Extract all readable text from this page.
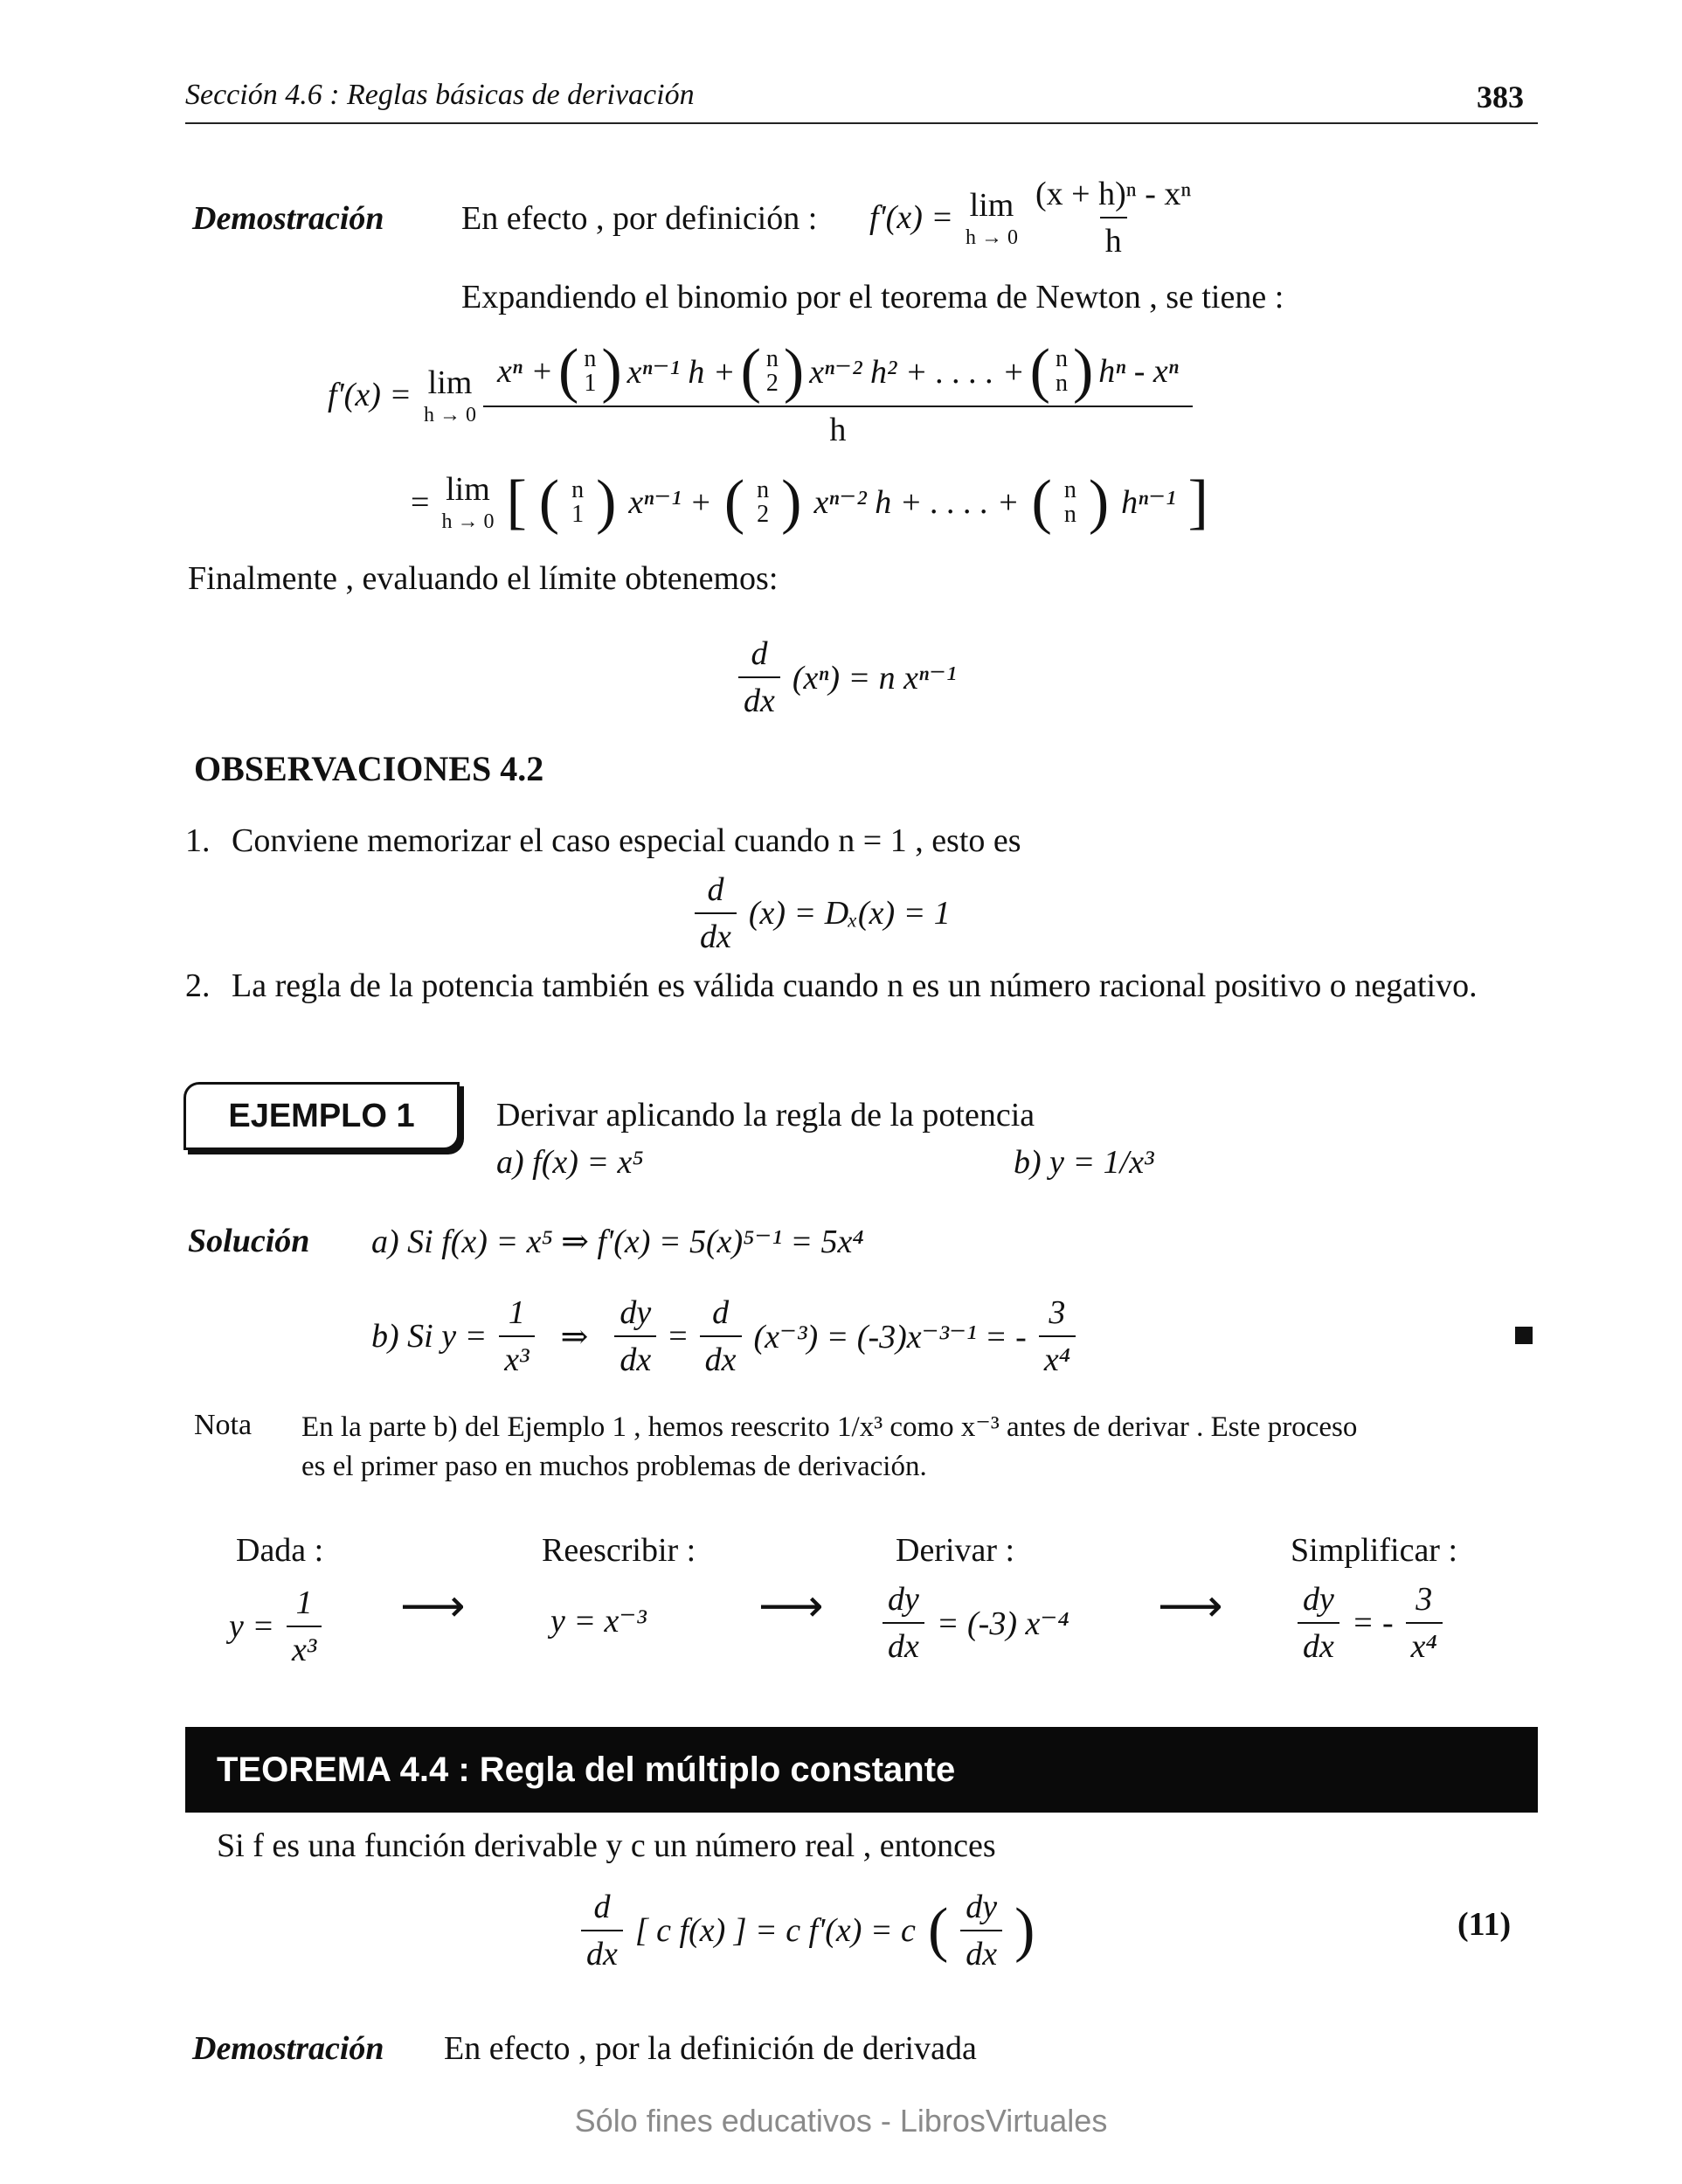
Sección 4.6 : Reglas básicas de derivación	383
Demostración En efecto , por definición : f'(x) = lim
$h \to 0 \frac{\text{(x + h)ⁿ - xⁿ}}{h}$
Expandiendo el binomio por el teorema de Newton , se tiene :
f'(x) = lim
h → 0
xⁿ + ( n
1 ) xⁿ⁻¹ h + ( n
2 ) xⁿ⁻² h² + . . . . + ( n
n ) hⁿ - xⁿ
h
= lim
h → 0 [ ( n
1 ) xⁿ⁻¹ + ( n
2 ) xⁿ⁻² h + . . . . + ( n
n ) hⁿ⁻¹ ]
Finalmente , evaluando el límite obtenemos:
$\frac{d}{dx} (x^n) = n$ xⁿ⁻¹
OBSERVACIONES 4.2
1. Conviene memorizar el caso especial cuando n = 1 , esto es
$\frac{d}{dx} (x) = D_x(x) = 1$
2. La regla de la potencia también es válida cuando n es un número racional positivo o negativo.
EJEMPLO 1	Derivar aplicando la regla de la potencia
a) f(x) = x⁵	b) y = 1/x³
Solución a) Si f(x) = x⁵ ⇒ f'(x) = 5(x)⁵⁻¹ = 5x⁴
b) Si $y = \frac{1}{\text{x³}}$ ⇒ $\frac{dy}{dx} = \frac{d}{dx} (x^{-3}) = (-3)x^{-3-1}$ = - $\frac{3}{\text{x⁴}}$
Nota En la parte b) del Ejemplo 1 , hemos reescrito 1/x³ como x⁻³ antes de derivar . Este proceso
es el primer paso en muchos problemas de derivación.
Dada :	Reescribir :	Derivar :	Simplificar :
$y = \frac{1}{\text{x³}}$ ⟶	y = x⁻³ ⟶ $\frac{dy}{dx} = (-3)$ x⁻⁴ ⟶ $\frac{dy}{dx}$ = - $\frac{3}{\text{x⁴}}$
TEOREMA 4.4 : Regla del múltiplo constante
Si f es una función derivable y c un número real , entonces
$\frac{d}{dx}$ [ c f(x) ] = c f'(x) = c ( $\frac{dy}{dx}$ )	(11)
Demostración En efecto , por la definición de derivada
Sólo fines educativos - LibrosVirtuales
